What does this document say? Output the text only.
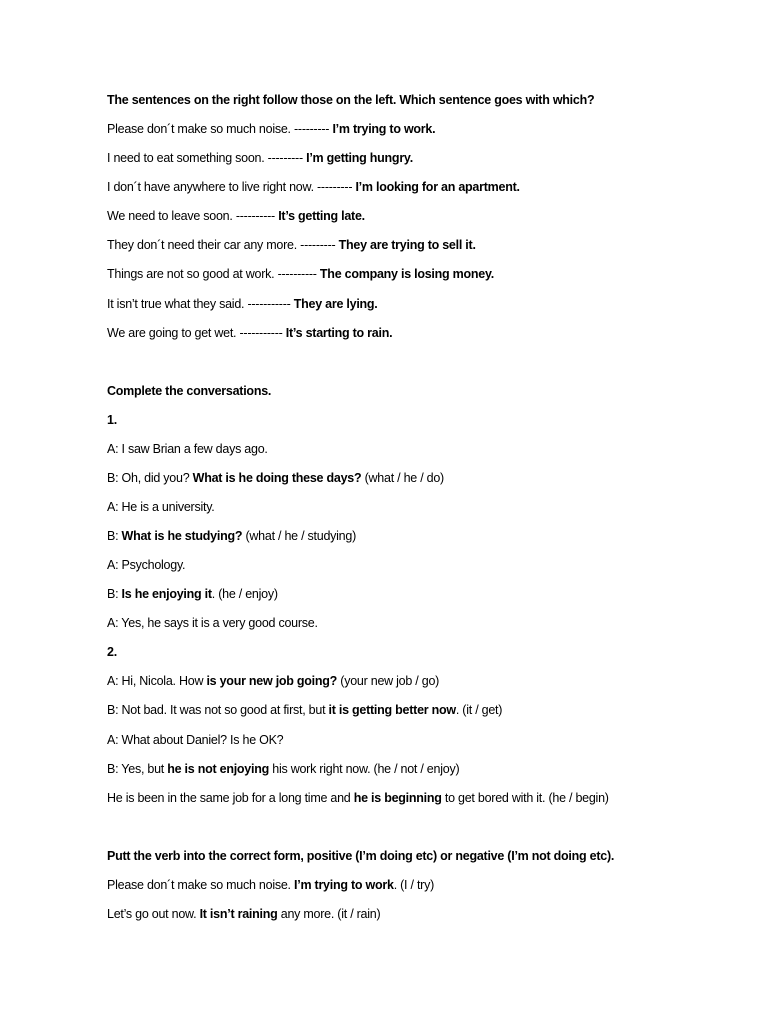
The sentences on the right follow those on the left. Which sentence goes with which?
Please don´t make so much noise. --------- I’m trying to work.
I need to eat something soon. --------- I’m getting hungry.
I don´t have anywhere to live right now. --------- I’m looking for an apartment.
We need to leave soon. ---------- It’s getting late.
They don´t need their car any more. --------- They are trying to sell it.
Things are not so good at work. ---------- The company is losing money.
It isn’t true what they said. ----------- They are lying.
We are going to get wet. ----------- It’s starting to rain.
Complete the conversations.
1.
A: I saw Brian a few days ago.
B: Oh, did you? What is he doing these days? (what / he / do)
A: He is a university.
B: What is he studying? (what / he / studying)
A: Psychology.
B: Is he enjoying it. (he / enjoy)
A: Yes, he says it is a very good course.
2.
A: Hi, Nicola. How is your new job going? (your new job / go)
B: Not bad. It was not so good at first, but it is getting better now. (it / get)
A: What about Daniel? Is he OK?
B: Yes, but he is not enjoying his work right now. (he / not / enjoy)
He is been in the same job for a long time and he is beginning to get bored with it. (he / begin)
Putt the verb into the correct form, positive (I’m doing etc) or negative (I’m not doing etc).
Please don´t make so much noise. I’m trying to work. (I / try)
Let’s go out now. It isn’t raining any more. (it / rain)
